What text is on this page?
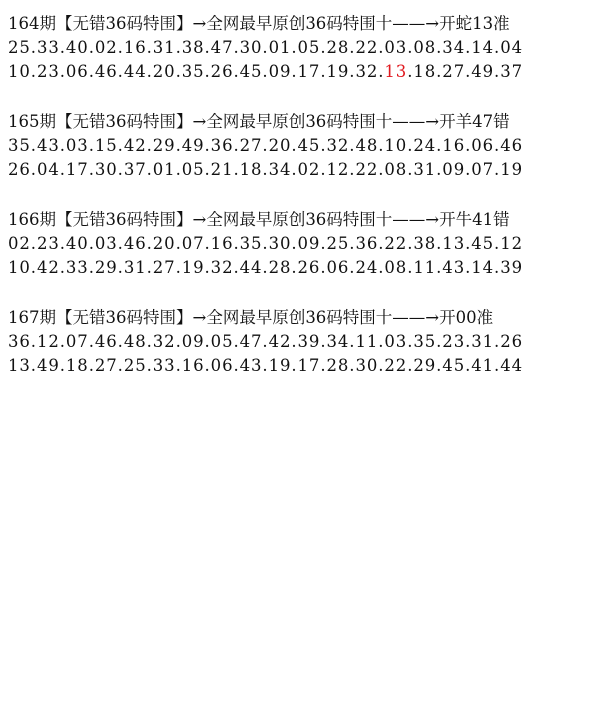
164期【无错36码特围】→全网最早原创36码特围十——→开蛇13准
25.33.40.02.16.31.38.47.30.01.05.28.22.03.08.34.14.04
10.23.06.46.44.20.35.26.45.09.17.19.32.13.18.27.49.37
165期【无错36码特围】→全网最早原创36码特围十——→开羊47错
35.43.03.15.42.29.49.36.27.20.45.32.48.10.24.16.06.46
26.04.17.30.37.01.05.21.18.34.02.12.22.08.31.09.07.19
166期【无错36码特围】→全网最早原创36码特围十——→开牛41错
02.23.40.03.46.20.07.16.35.30.09.25.36.22.38.13.45.12
10.42.33.29.31.27.19.32.44.28.26.06.24.08.11.43.14.39
167期【无错36码特围】→全网最早原创36码特围十——→开00准
36.12.07.46.48.32.09.05.47.42.39.34.11.03.35.23.31.26
13.49.18.27.25.33.16.06.43.19.17.28.30.22.29.45.41.44
